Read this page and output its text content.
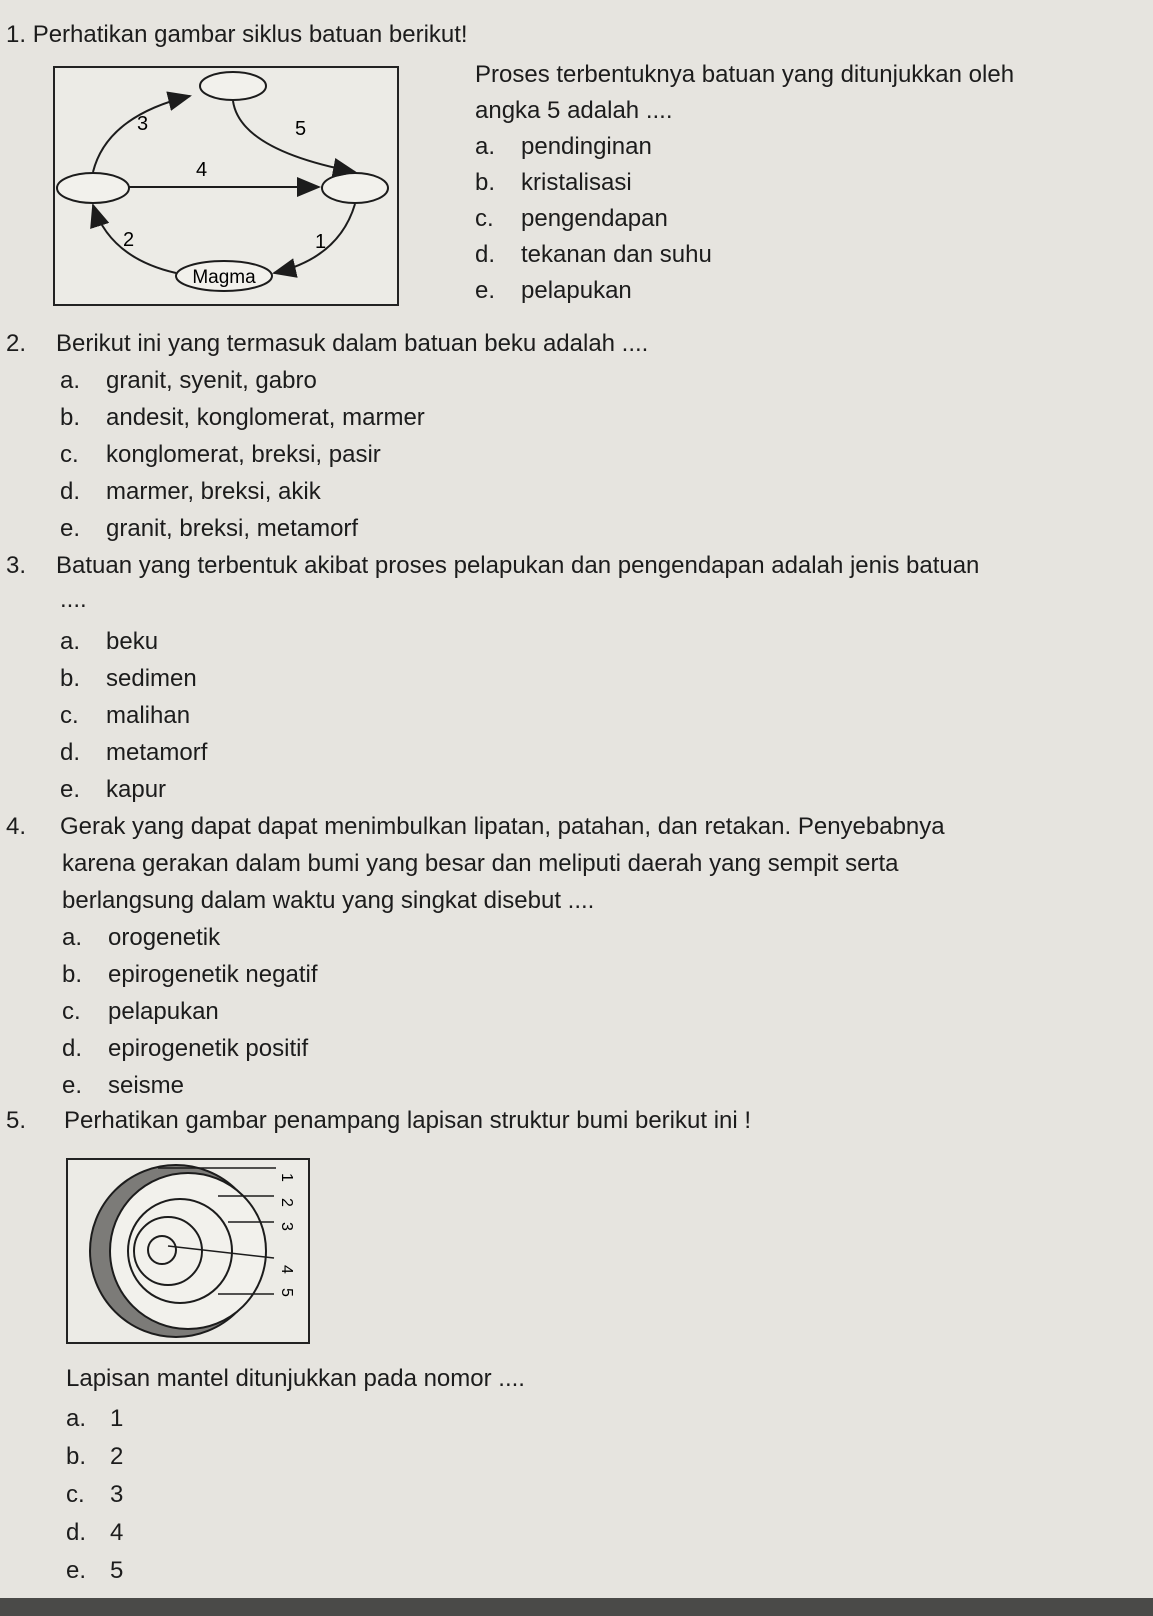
1. Perhatikan gambar siklus batuan berikut!
3	5
4
2	1
Magma
Proses terbentuknya batuan yang ditunjukkan oleh
angka 5 adalah ....
a. pendinginan
b. kristalisasi
c. pengendapan
d. tekanan dan suhu
e. pelapukan
2. Berikut ini yang termasuk dalam batuan beku adalah ....
a. granit, syenit, gabro
b. andesit, konglomerat, marmer
c. konglomerat, breksi, pasir
d. marmer, breksi, akik
e. granit, breksi, metamorf
3. Batuan yang terbentuk akibat proses pelapukan dan pengendapan adalah jenis batuan
....
a. beku
b. sedimen
c. malihan
d. metamorf
e. kapur
4. Gerak yang dapat dapat menimbulkan lipatan, patahan, dan retakan. Penyebabnya
karena gerakan dalam bumi yang besar dan meliputi daerah yang sempit serta
berlangsung dalam waktu yang singkat disebut ....
a. orogenetik
b. epirogenetik negatif
c. pelapukan
d. epirogenetik positif
e. seisme
5. Perhatikan gambar penampang lapisan struktur bumi berikut ini !
1
2
3
4
5
Lapisan mantel ditunjukkan pada nomor ....
a. 1
b. 2
c. 3
d. 4
e. 5
